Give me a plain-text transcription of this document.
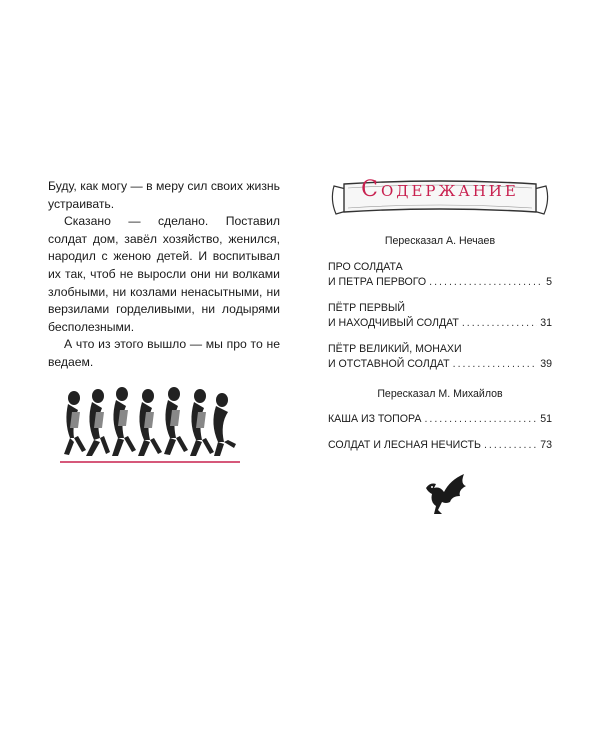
Буду, как могу — в меру сил своих жизнь устраивать.

Сказано — сделано. Поставил солдат дом, завёл хозяйство, женился, народил с женою детей. И воспитывал их так, чтоб не выросли они ни волками злобными, ни козлами ненасытными, ни верзилами горделивыми, ни лодырями бесполезными.

А что из этого вышло — мы про то не ведаем.

Содержание
Пересказал А. Нечаев
ПРО СОЛДАТА
И ПЕТРА ПЕРВОГО .....	5
ПЁТР ПЕРВЫЙ
И НАХОДЧИВЫЙ СОЛДАТ .....	31
ПЁТР ВЕЛИКИЙ, МОНАХИ
И ОТСТАВНОЙ СОЛДАТ .....	39
Пересказал М. Михайлов
КАША ИЗ ТОПОРА .....	51
СОЛДАТ И ЛЕСНАЯ НЕЧИСТЬ .....	73
